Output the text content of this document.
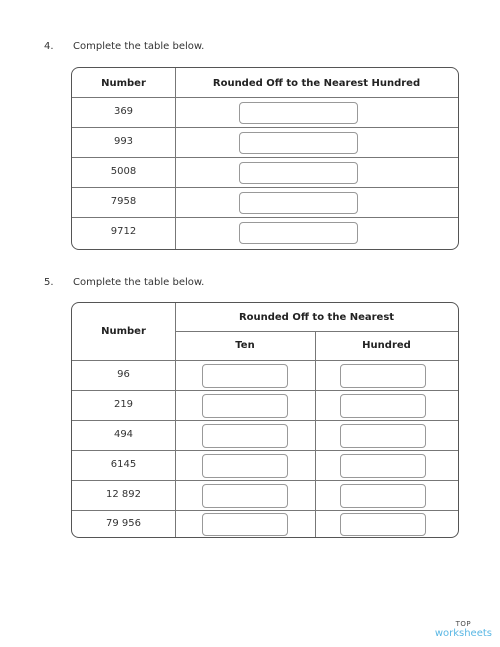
4. Complete the table below.
Number	Rounded Off to the Nearest Hundred
369
993
5008
7958
9712
5. Complete the table below.
Number
Rounded Off to the Nearest
Ten	Hundred
96
219
494
6145
12 892
79 956
TOP
worksheets
